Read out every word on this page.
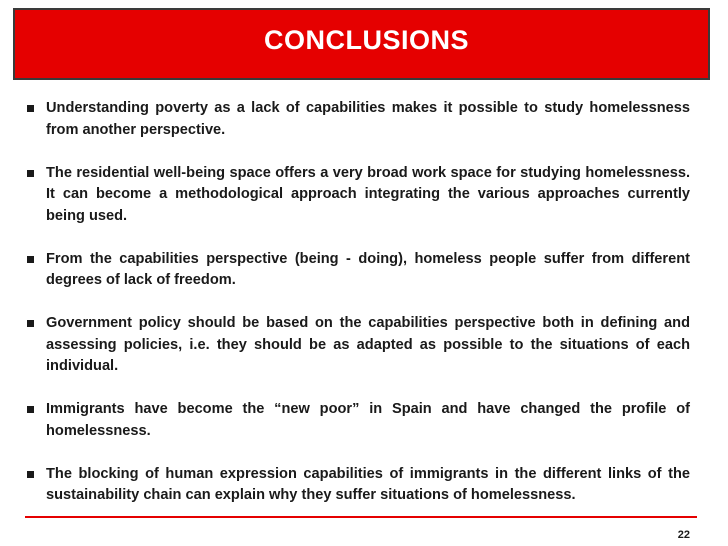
CONCLUSIONS
Understanding poverty as a lack of capabilities makes it possible to study homelessness from another perspective.
The residential well-being space offers a very broad work space for studying homelessness. It can become a methodological approach integrating the various approaches currently being used.
From the capabilities perspective (being - doing), homeless people suffer from different degrees of lack of freedom.
Government policy should be based on the capabilities perspective both in defining and assessing policies, i.e. they should be as adapted as possible to the situations of each individual.
Immigrants have become the “new poor” in Spain and have changed the profile of homelessness.
The blocking of human expression capabilities of immigrants in the different links of the sustainability chain can explain why they suffer situations of homelessness.
22
